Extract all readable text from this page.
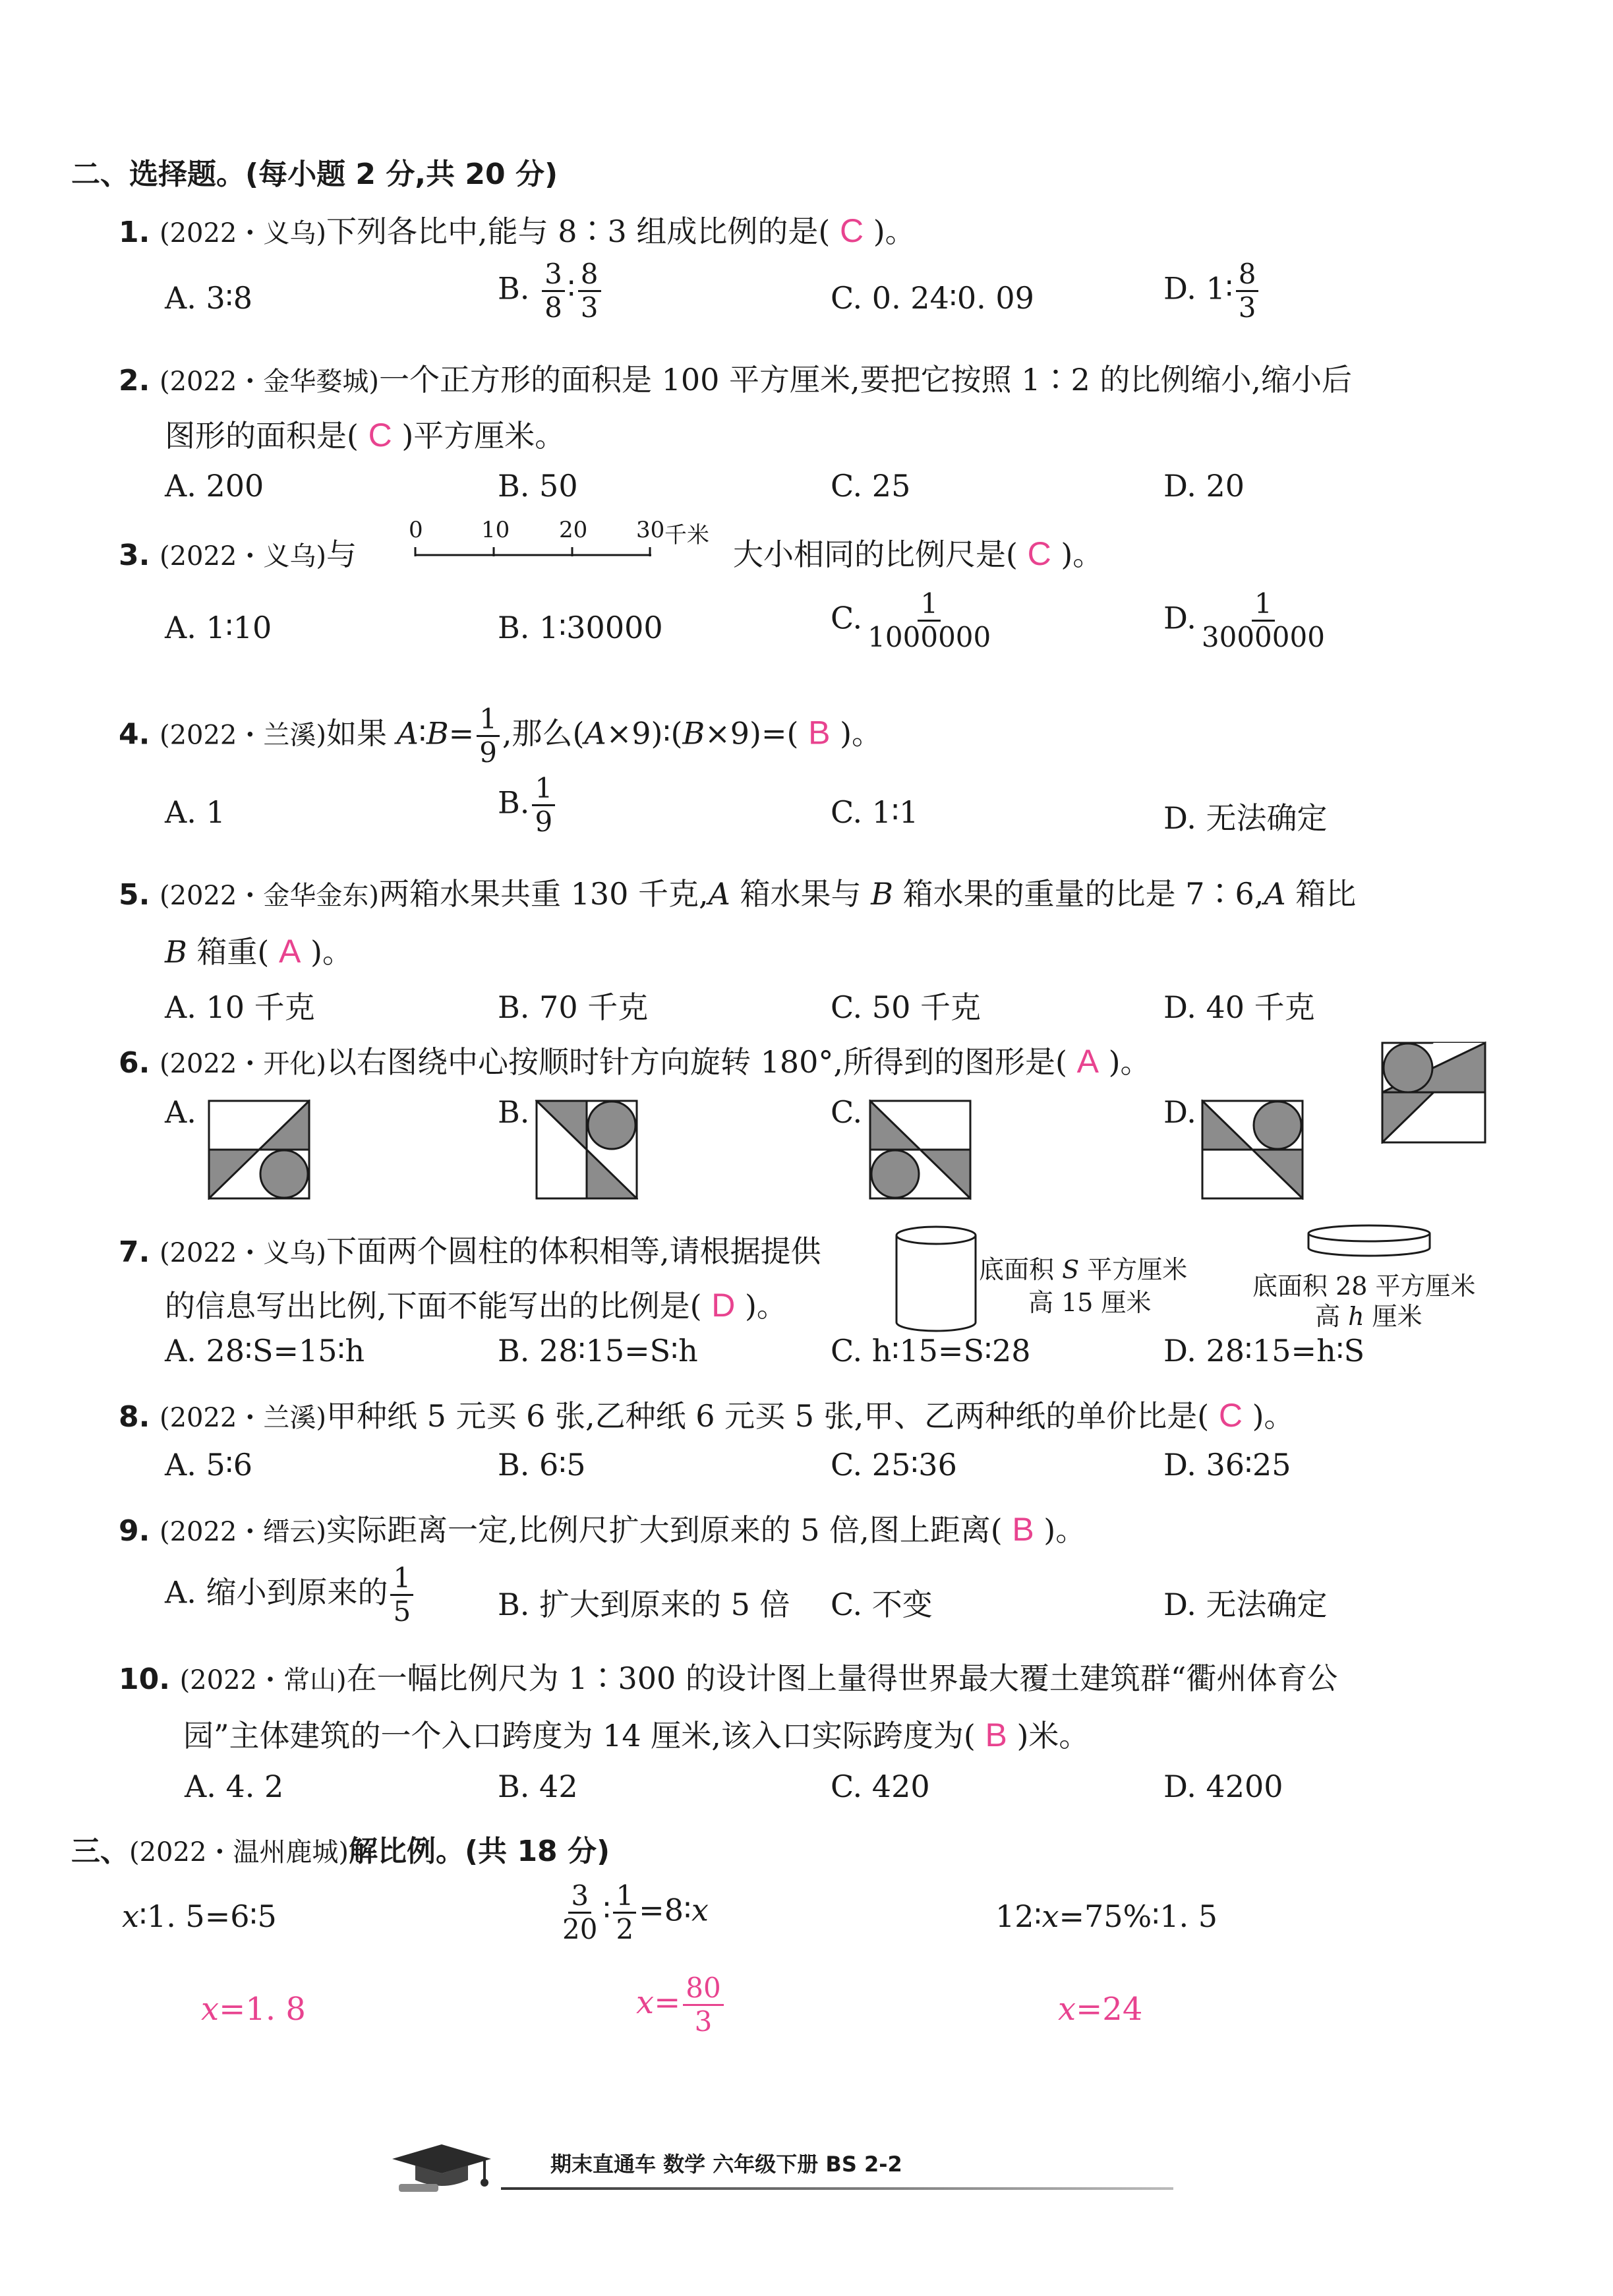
二、选择题。(每小题 2 分,共 20 分)
1. (2022・义乌)下列各比中,能与 8∶3 组成比例的是( C )。
A. 3∶8	B. $\frac{3}{8}$ ∶ $\frac{8}{3}$	C. 0. 24∶0. 09	D. 1∶ $\frac{8}{3}$
2. (2022・金华婺城)一个正方形的面积是 100 平方厘米,要把它按照 1∶2 的比例缩小,缩小后
图形的面积是( C )平方厘米。
A. 200	B. 50	C. 25	D. 20
3. (2022・义乌)与
0	10 20 30 千米
大小相同的比例尺是( C )。
A. 1∶10	B. 1∶30000	C. $\frac{1}{1000000}$	D. $\frac{1}{3000000}$
4. (2022・兰溪)如果 A∶B= $\frac{1}{9}$ ,那么(A×9)∶(B×9)=( B )。
A. 1	B. $\frac{1}{9}$	C. 1∶1	D. 无法确定
5. (2022・金华金东)两箱水果共重 130 千克,A 箱水果与 B 箱水果的重量的比是 7∶6,A 箱比
B 箱重( A )。
A. 10 千克	B. 70 千克	C. 50 千克	D. 40 千克
6. (2022・开化)以右图绕中心按顺时针方向旋转 180°,所得到的图形是( A )。
A.	B.	C.	D.
7. (2022・义乌)下面两个圆柱的体积相等,请根据提供
的信息写出比例,下面不能写出的比例是( D )。
底面积 S 平方厘米
高 15 厘米
底面积 28 平方厘米
高 h 厘米
A. 28∶S=15∶h	B. 28∶15=S∶h	C. h∶15=S∶28	D. 28∶15=h∶S
8. (2022・兰溪)甲种纸 5 元买 6 张,乙种纸 6 元买 5 张,甲、乙两种纸的单价比是( C )。
A. 5∶6	B. 6∶5	C. 25∶36	D. 36∶25
9. (2022・缙云)实际距离一定,比例尺扩大到原来的 5 倍,图上距离( B )。
A. 缩小到原来的 $\frac{1}{5}$	B. 扩大到原来的 5 倍 C. 不变	D. 无法确定
10. (2022・常山)在一幅比例尺为 1∶300 的设计图上量得世界最大覆土建筑群“衢州体育公
园”主体建筑的一个入口跨度为 14 厘米,该入口实际跨度为( B )米。
A. 4. 2	B. 42	C. 420	D. 4200
三、(2022・温州鹿城)解比例。(共 18 分)
x∶1. 5=6∶5
x=1. 8
$\frac{3}{20}$ ∶ $\frac{1}{2}$ =8∶x
$x= \frac{80}{3}$
12∶x=75%∶1. 5
x=24
期末直通车 数学 六年级下册 BS 2-2
